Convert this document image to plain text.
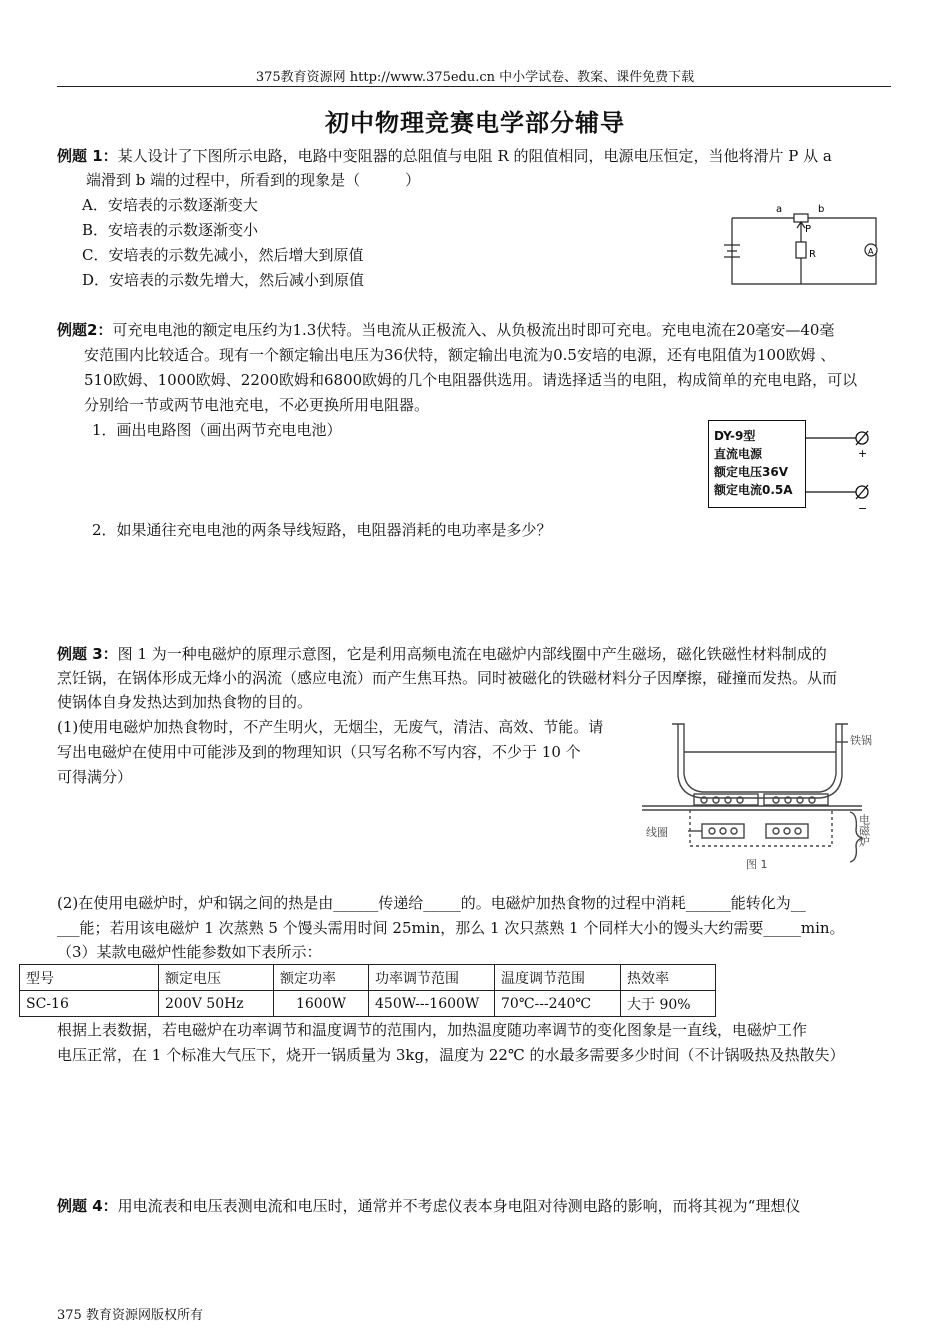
375教育资源网 http://www.375edu.cn 中小学试卷、教案、课件免费下载
初中物理竞赛电学部分辅导
例题 1：某人设计了下图所示电路，电路中变阻器的总阻值与电阻 R 的阻值相同，电源电压恒定，当他将滑片 P 从 a
端滑到 b 端的过程中，所看到的现象是（　　　）
A．安培表的示数逐渐变大
B．安培表的示数逐渐变小
C．安培表的示数先减小，然后增大到原值
D．安培表的示数先增大，然后减小到原值
a	b
P
R	A
例题2：可充电电池的额定电压约为1.3伏特。当电流从正极流入、从负极流出时即可充电。充电电流在20毫安—40毫
安范围内比较适合。现有一个额定输出电压为36伏特，额定输出电流为0.5安培的电源，还有电阻值为100欧姆 、
510欧姆、1000欧姆、2200欧姆和6800欧姆的几个电阻器供选用。请选择适当的电阻，构成简单的充电电路，可以
分别给一节或两节电池充电，不必更换所用电阻器。
1．画出电路图（画出两节充电电池）
2．如果通往充电电池的两条导线短路，电阻器消耗的电功率是多少？
DY-9型
直流电源
额定电压36V
额定电流0.5A
+
−
例题 3：图 1 为一种电磁炉的原理示意图，它是利用高频电流在电磁炉内部线圈中产生磁场，磁化铁磁性材料制成的
烹饪锅，在锅体形成无烽小的涡流（感应电流）而产生焦耳热。同时被磁化的铁磁材料分子因摩擦，碰撞而发热。从而
使锅体自身发热达到加热食物的目的。
(1)使用电磁炉加热食物时，不产生明火，无烟尘，无废气，清洁、高效、节能。请
写出电磁炉在使用中可能涉及到的物理知识（只写名称不写内容，不少于 10 个
可得满分）
铁锅
线圈	电磁炉
图 1
(2)在使用电磁炉时，炉和锅之间的热是由______传递给_____的。电磁炉加热食物的过程中消耗______能转化为__
___能；若用该电磁炉 1 次蒸熟 5 个馒头需用时间 25min，那么 1 次只蒸熟 1 个同样大小的馒头大约需要_____min。
（3）某款电磁炉性能参数如下表所示：
型号	额定电压	额定功率	功率调节范围	温度调节范围	热效率
SC-16	200V 50Hz	1600W	450W---1600W	70℃---240℃	大于 90%
根据上表数据，若电磁炉在功率调节和温度调节的范围内，加热温度随功率调节的变化图象是一直线，电磁炉工作
电压正常，在 1 个标准大气压下，烧开一锅质量为 3kg，温度为 22℃ 的水最多需要多少时间（不计锅吸热及热散失）
例题 4：用电流表和电压表测电流和电压时，通常并不考虑仪表本身电阻对待测电路的影响，而将其视为“理想仪
375 教育资源网版权所有
